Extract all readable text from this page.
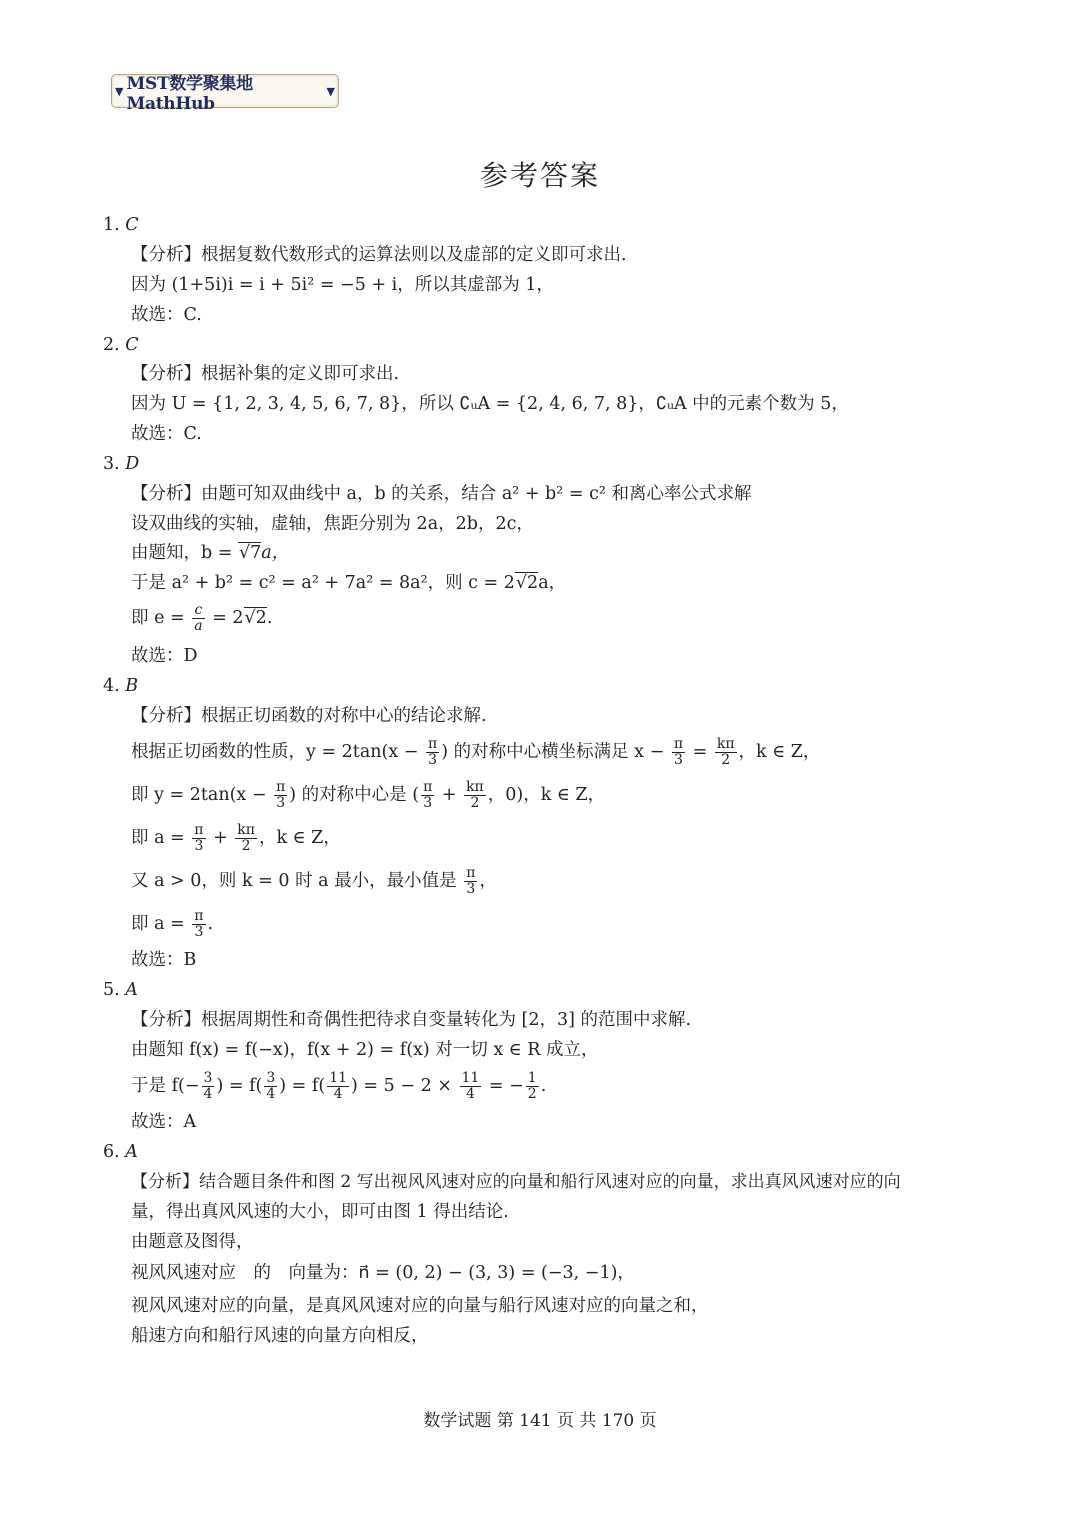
▼ MST数学聚集地MathHub
▼
参考答案
1. C
【分析】根据复数代数形式的运算法则以及虚部的定义即可求出.
因为 (1+5i)i = i + 5i² = −5 + i，所以其虚部为 1，
故选：C.
2. C
【分析】根据补集的定义即可求出.
因为 U = {1, 2, 3, 4, 5, 6, 7, 8}，所以 ∁ᵤA = {2, 4, 6, 7, 8}，∁ᵤA 中的元素个数为 5，
故选：C.
3. D
【分析】由题可知双曲线中 a，b 的关系，结合 a² + b² = c² 和离心率公式求解
设双曲线的实轴，虚轴，焦距分别为 2a，2b，2c，
由题知，b = √7a，
于是 a² + b² = c² = a² + 7a² = 8a²，则 c = 2√2a，
即 $e = \frac{c}{a} = 2√2$.
故选：D
4. B
【分析】根据正切函数的对称中心的结论求解.
根据正切函数的性质，$y = 2\tan(x - \frac{\pi}{3}$ ) 的对称中心横坐标满足 $x - \frac{\pi}{3} = \frac{k\pi}{2}$ ，k ∈ Z，
即 $y = 2\tan(x - \frac{\pi}{3}$ ) 的对称中心是 ( $\frac{\pi}{3} + \frac{k\pi}{2}$ ，0)，k ∈ Z，
即 $a = \frac{\pi}{3} + \frac{k\pi}{2}$ ，k ∈ Z，
又 a > 0，则 k = 0 时 a 最小，最小值是 $\frac{\pi}{3}$ ，
即 $a = \frac{\pi}{3}$ .
故选：B
5. A
【分析】根据周期性和奇偶性把待求自变量转化为 [2，3] 的范围中求解.
由题知 f(x) = f(−x)，f(x + 2) = f(x) 对一切 x ∈ R 成立，
于是 $f(- \frac{3}{4}$ ) = $f( \frac{3}{4}$ ) = $f( \frac{11}{4}$ ) = $5 - 2 \times \frac{11}{4}$ = − $\frac{1}{2}$ .
故选：A
6. A
【分析】结合题目条件和图 2 写出视风风速对应的向量和船行风速对应的向量，求出真风风速对应的向
量，得出真风风速的大小，即可由图 1 得出结论.
由题意及图得，
视风风速对应　的　向量为：n⃗ = (0, 2) − (3, 3) = (−3, −1)，
视风风速对应的向量，是真风风速对应的向量与船行风速对应的向量之和，
船速方向和船行风速的向量方向相反，
数学试题 第 141 页 共 170 页
